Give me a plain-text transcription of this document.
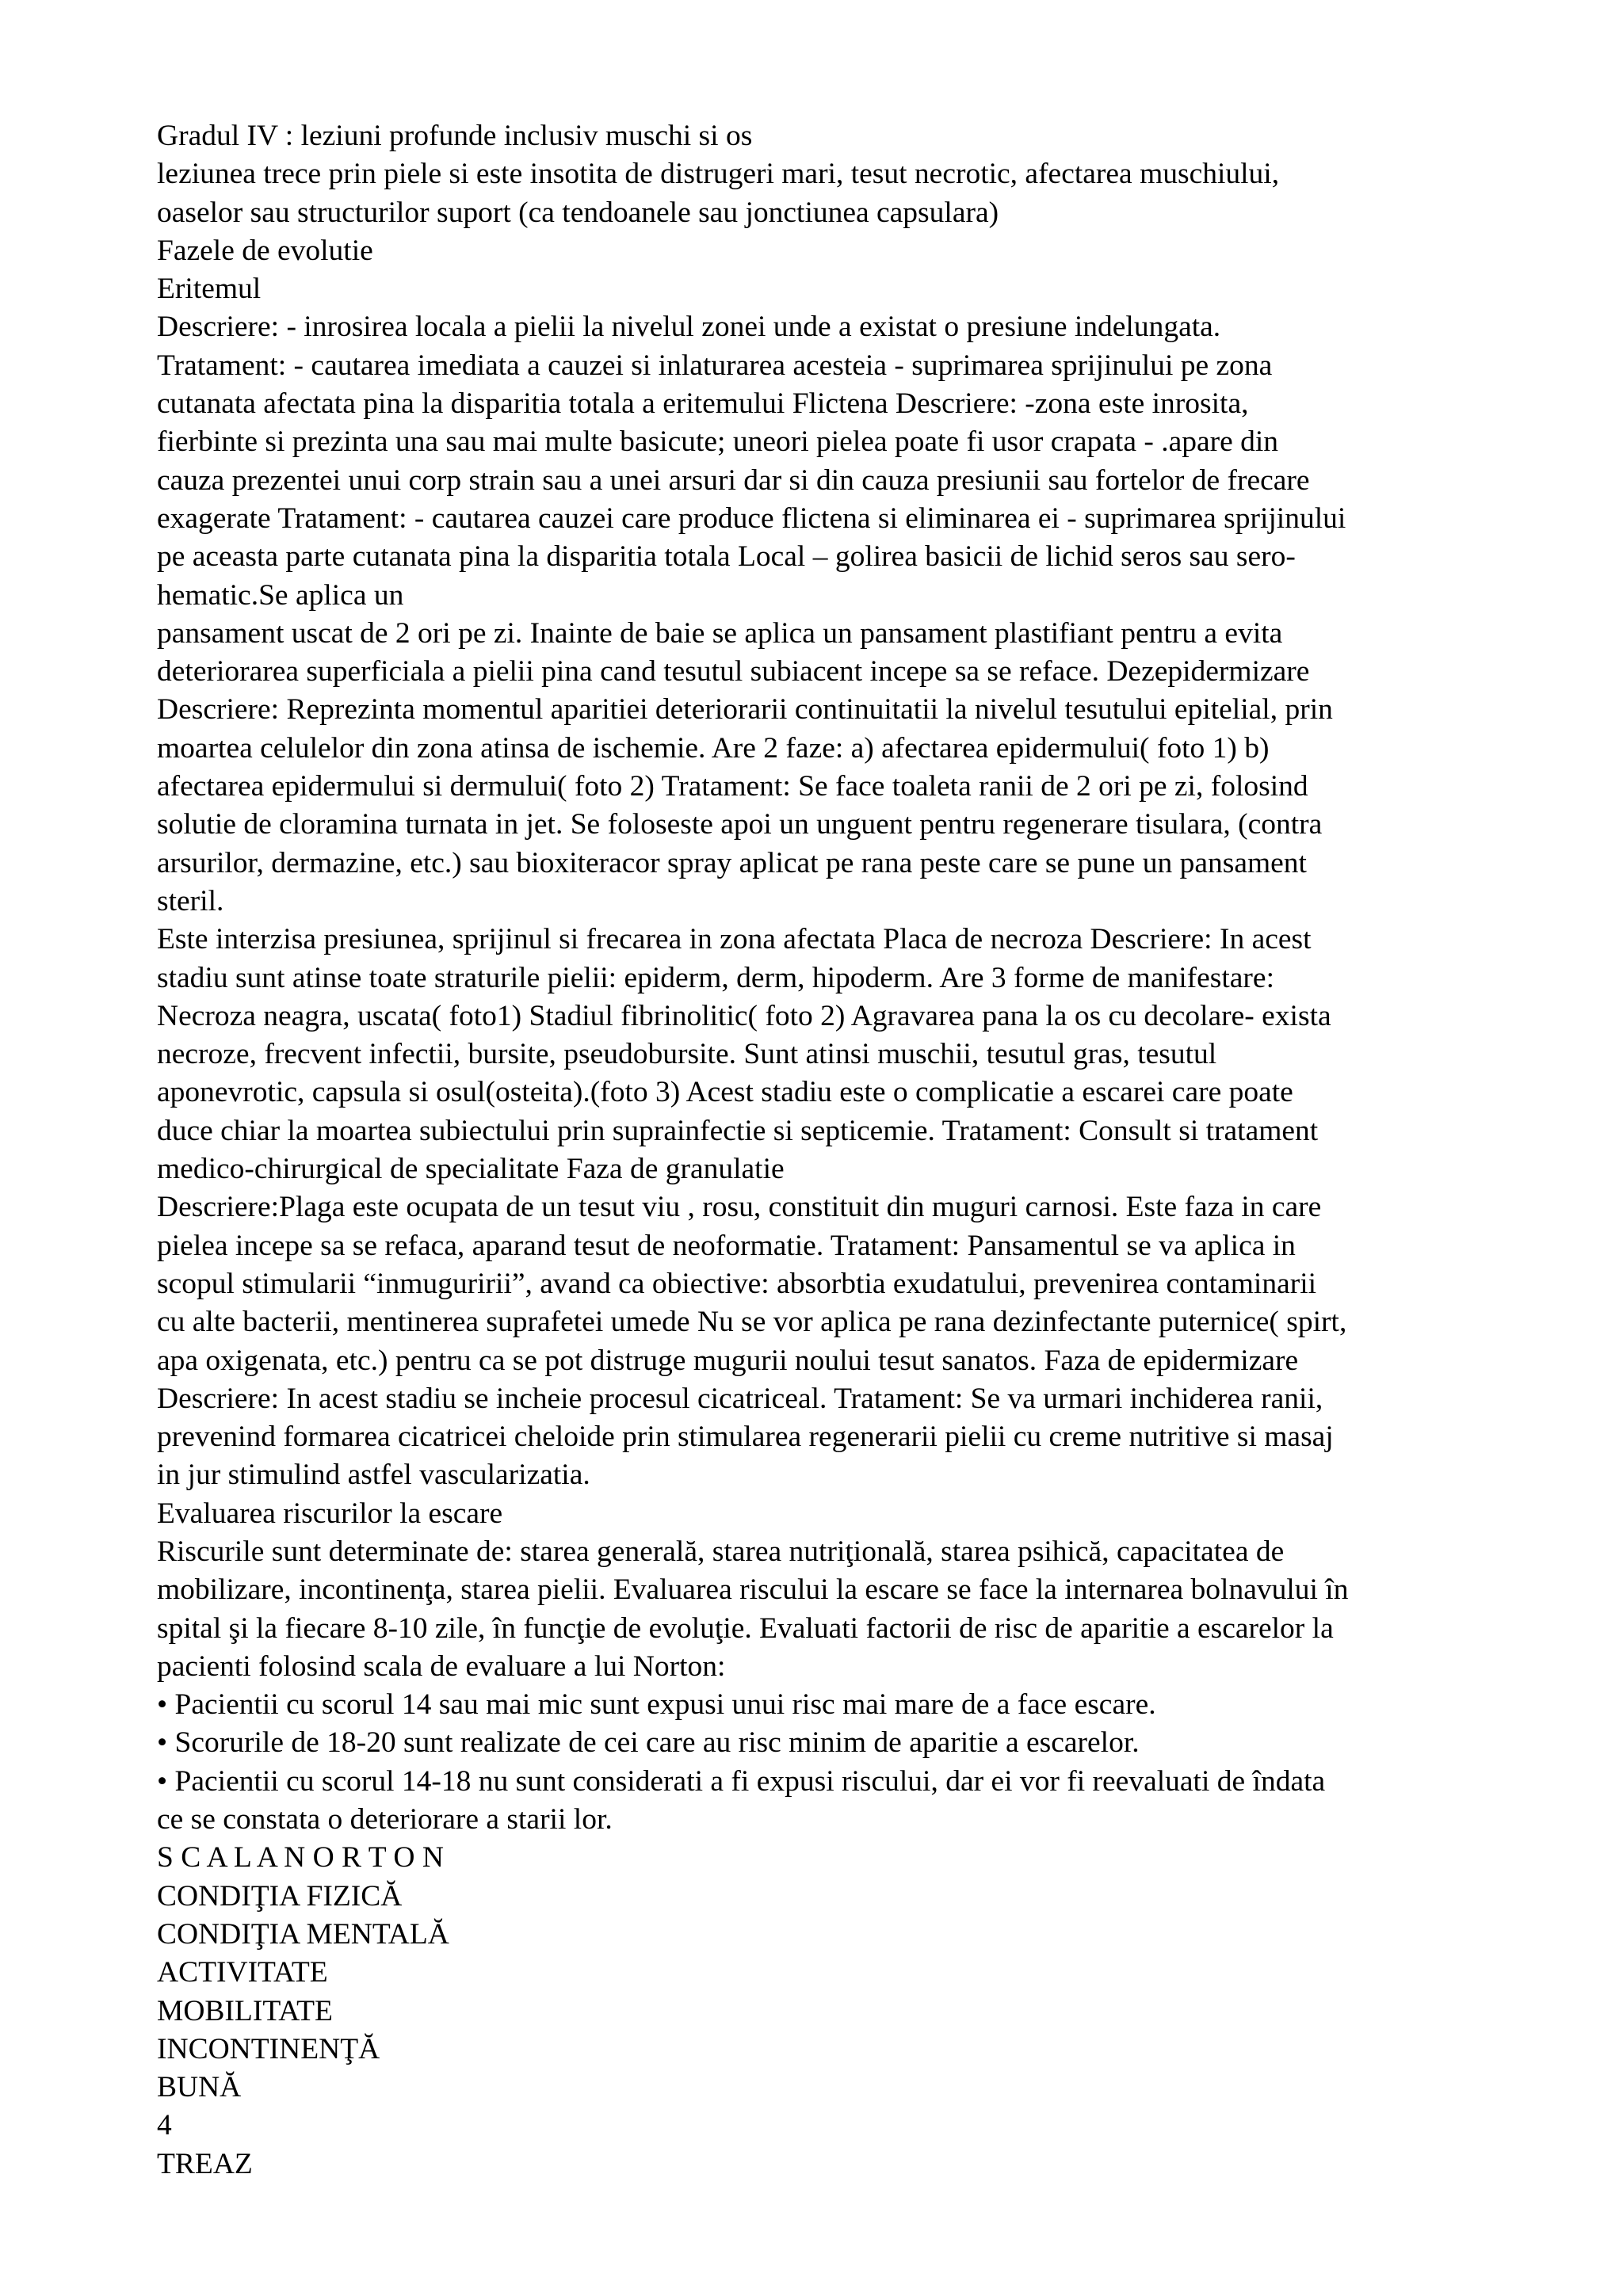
Gradul IV : leziuni profunde inclusiv muschi si os
leziunea trece prin piele si este insotita de distrugeri mari, tesut necrotic, afectarea muschiului,
oaselor sau structurilor suport (ca tendoanele sau jonctiunea capsulara)
Fazele de evolutie
Eritemul
Descriere: - inrosirea locala a pielii la nivelul zonei unde a existat o presiune indelungata.
Tratament: - cautarea imediata a cauzei si inlaturarea acesteia - suprimarea sprijinului pe zona
cutanata afectata pina la disparitia totala a eritemului Flictena Descriere: -zona este inrosita,
fierbinte si prezinta una sau mai multe basicute; uneori pielea poate fi usor crapata - .apare din
cauza prezentei unui corp strain sau a unei arsuri dar si din cauza presiunii sau fortelor de frecare
exagerate Tratament: - cautarea cauzei care produce flictena si eliminarea ei - suprimarea sprijinului
pe aceasta parte cutanata pina la disparitia totala Local – golirea basicii de lichid seros sau sero-
hematic.Se aplica un
pansament uscat de 2 ori pe zi. Inainte de baie se aplica un pansament plastifiant pentru a evita
deteriorarea superficiala a pielii pina cand tesutul subiacent incepe sa se reface. Dezepidermizare
Descriere: Reprezinta momentul aparitiei deteriorarii continuitatii la nivelul tesutului epitelial, prin
moartea celulelor din zona atinsa de ischemie. Are 2 faze: a) afectarea epidermului( foto 1) b)
afectarea epidermului si dermului( foto 2) Tratament: Se face toaleta ranii de 2 ori pe zi, folosind
solutie de cloramina turnata in jet. Se foloseste apoi un unguent pentru regenerare tisulara, (contra
arsurilor, dermazine, etc.) sau bioxiteracor spray aplicat pe rana peste care se pune un pansament
steril.
Este interzisa presiunea, sprijinul si frecarea in zona afectata Placa de necroza Descriere: In acest
stadiu sunt atinse toate straturile pielii: epiderm, derm, hipoderm. Are 3 forme de manifestare:
Necroza neagra, uscata( foto1) Stadiul fibrinolitic( foto 2) Agravarea pana la os cu decolare- exista
necroze, frecvent infectii, bursite, pseudobursite. Sunt atinsi muschii, tesutul gras, tesutul
aponevrotic, capsula si osul(osteita).(foto 3) Acest stadiu este o complicatie a escarei care poate
duce chiar la moartea subiectului prin suprainfectie si septicemie. Tratament: Consult si tratament
medico-chirurgical de specialitate Faza de granulatie
Descriere:Plaga este ocupata de un tesut viu , rosu, constituit din muguri carnosi. Este faza in care
pielea incepe sa se refaca, aparand tesut de neoformatie. Tratament: Pansamentul se va aplica in
scopul stimularii “inmuguririi”, avand ca obiective: absorbtia exudatului, prevenirea contaminarii
cu alte bacterii, mentinerea suprafetei umede Nu se vor aplica pe rana dezinfectante puternice( spirt,
apa oxigenata, etc.) pentru ca se pot distruge mugurii noului tesut sanatos. Faza de epidermizare
Descriere: In acest stadiu se incheie procesul cicatriceal. Tratament: Se va urmari inchiderea ranii,
prevenind formarea cicatricei cheloide prin stimularea regenerarii pielii cu creme nutritive si masaj
in jur stimulind astfel vascularizatia.
Evaluarea riscurilor la escare
Riscurile sunt determinate de: starea generală, starea nutriţională, starea psihică, capacitatea de
mobilizare, incontinenţa, starea pielii. Evaluarea riscului la escare se face la internarea bolnavului în
spital şi la fiecare 8-10 zile, în funcţie de evoluţie. Evaluati factorii de risc de aparitie a escarelor la
pacienti folosind scala de evaluare a lui Norton:
• Pacientii cu scorul 14 sau mai mic sunt expusi unui risc mai mare de a face escare.
• Scorurile de 18-20 sunt realizate de cei care au risc minim de aparitie a escarelor.
• Pacientii cu scorul 14-18 nu sunt considerati a fi expusi riscului, dar ei vor fi reevaluati de îndata
ce se constata o deteriorare a starii lor.
S C A L A N O R T O N
CONDIŢIA FIZICĂ
CONDIŢIA MENTALĂ
ACTIVITATE
MOBILITATE
INCONTINENŢĂ
BUNĂ
4
TREAZ
